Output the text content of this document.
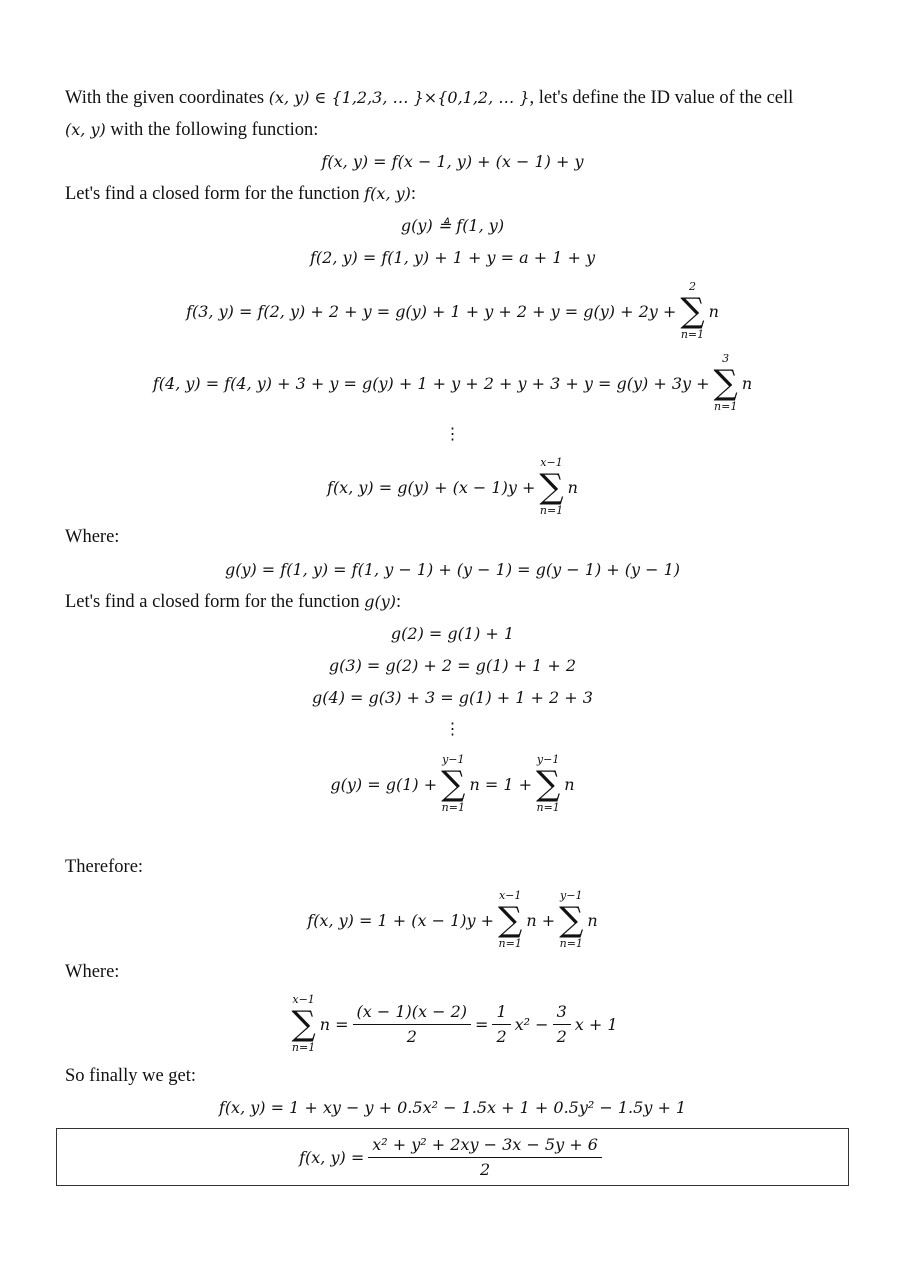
With the given coordinates (x, y) ∈ {1,2,3, … }×{0,1,2, … }, let's define the ID value of the cell
(x, y) with the following function:
f(x, y) = f(x − 1, y) + (x − 1) + y
Let's find a closed form for the function f(x, y):
g(y) ≜ f(1, y)
f(2, y) = f(1, y) + 1 + y = a + 1 + y
f(3, y) = f(2, y) + 2 + y = g(y) + 1 + y + 2 + y = g(y) + 2y +
2
∑
n=1
n
f(4, y) = f(4, y) + 3 + y = g(y) + 1 + y + 2 + y + 3 + y = g(y) + 3y +
3
∑
n=1
n
⋮
f(x, y) = g(y) + (x − 1)y +
x−1
∑
n=1
n
Where:
g(y) = f(1, y) = f(1, y − 1) + (y − 1) = g(y − 1) + (y − 1)
Let's find a closed form for the function g(y):
g(2) = g(1) + 1
g(3) = g(2) + 2 = g(1) + 1 + 2
g(4) = g(3) + 3 = g(1) + 1 + 2 + 3
⋮
g(y) = g(1) +
y−1
∑
n=1
n = 1 +
y−1
∑
n=1
n
Therefore:
f(x, y) = 1 + (x − 1)y +
x−1
∑
n=1
n +
y−1
∑
n=1
n
Where:
x−1
∑
n=1
$n = \frac{(x - 1)(x - 2)}{2} = \frac{1}{2} x^2 - \frac{3}{2}$ x + 1
So finally we get:
f(x, y) = 1 + xy − y + 0.5x² − 1.5x + 1 + 0.5y² − 1.5y + 1
f(x, $y) = \frac{\text{x² + y² + 2xy − 3x − 5y + 6}}{2}$
